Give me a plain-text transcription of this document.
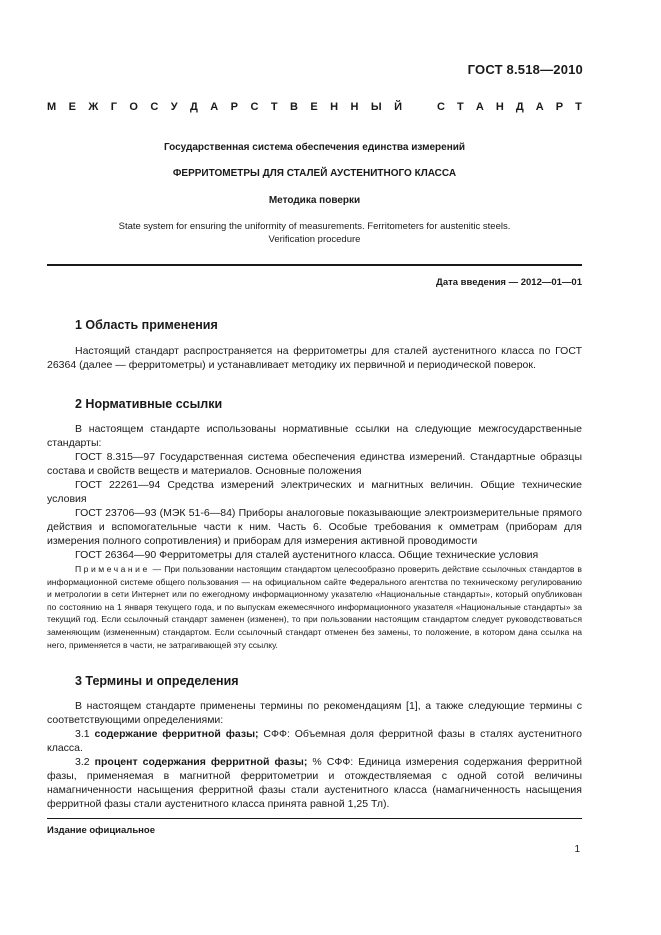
ГОСТ 8.518—2010
М Е Ж Г О С У Д А Р С Т В Е Н Н Ы Й	С Т А Н Д А Р Т
Государственная система обеспечения единства измерений
ФЕРРИТОМЕТРЫ ДЛЯ СТАЛЕЙ АУСТЕНИТНОГО КЛАССА
Методика поверки
State system for ensuring the uniformity of measurements. Ferritometers for austenitic steels.
Verification procedure
Дата введения — 2012—01—01
1 Область применения

Настоящий стандарт распространяется на ферритометры для сталей аустенитного класса по ГОСТ 26364 (далее — ферритометры) и устанавливает методику их первичной и периодической поверок.

2 Нормативные ссылки

В настоящем стандарте использованы нормативные ссылки на следующие межгосударственные стандарты:

ГОСТ 8.315—97 Государственная система обеспечения единства измерений. Стандартные образцы состава и свойств веществ и материалов. Основные положения

ГОСТ 22261—94 Средства измерений электрических и магнитных величин. Общие технические условия

ГОСТ 23706—93 (МЭК 51-6—84) Приборы аналоговые показывающие электроизмерительные прямого действия и вспомогательные части к ним. Часть 6. Особые требования к омметрам (приборам для измерения полного сопротивления) и приборам для измерения активной проводимости

ГОСТ 26364—90 Ферритометры для сталей аустенитного класса. Общие технические условия

Примечание — При пользовании настоящим стандартом целесообразно проверить действие ссылочных стандартов в информационной системе общего пользования — на официальном сайте Федерального агентства по техническому регулированию и метрологии в сети Интернет или по ежегодному информационному указателю «Национальные стандарты», который опубликован по состоянию на 1 января текущего года, и по выпускам ежемесячного информационного указателя «Национальные стандарты» за текущий год. Если ссылочный стандарт заменен (изменен), то при пользовании настоящим стандартом следует руководствоваться заменяющим (измененным) стандартом. Если ссылочный стандарт отменен без замены, то положение, в котором дана ссылка на него, применяется в части, не затрагивающей эту ссылку.

3 Термины и определения

В настоящем стандарте применены термины по рекомендациям [1], а также следующие термины с соответствующими определениями:

3.1 содержание ферритной фазы; СФФ: Объемная доля ферритной фазы в сталях аустенитного класса.

3.2 процент содержания ферритной фазы; % СФФ: Единица измерения содержания ферритной фазы, применяемая в магнитной ферритометрии и отождествляемая с одной сотой величины намагниченности насыщения ферритной фазы стали аустенитного класса (намагниченность насыщения ферритной фазы стали аустенитного класса принята равной 1,25 Тл).

Издание официальное
1
